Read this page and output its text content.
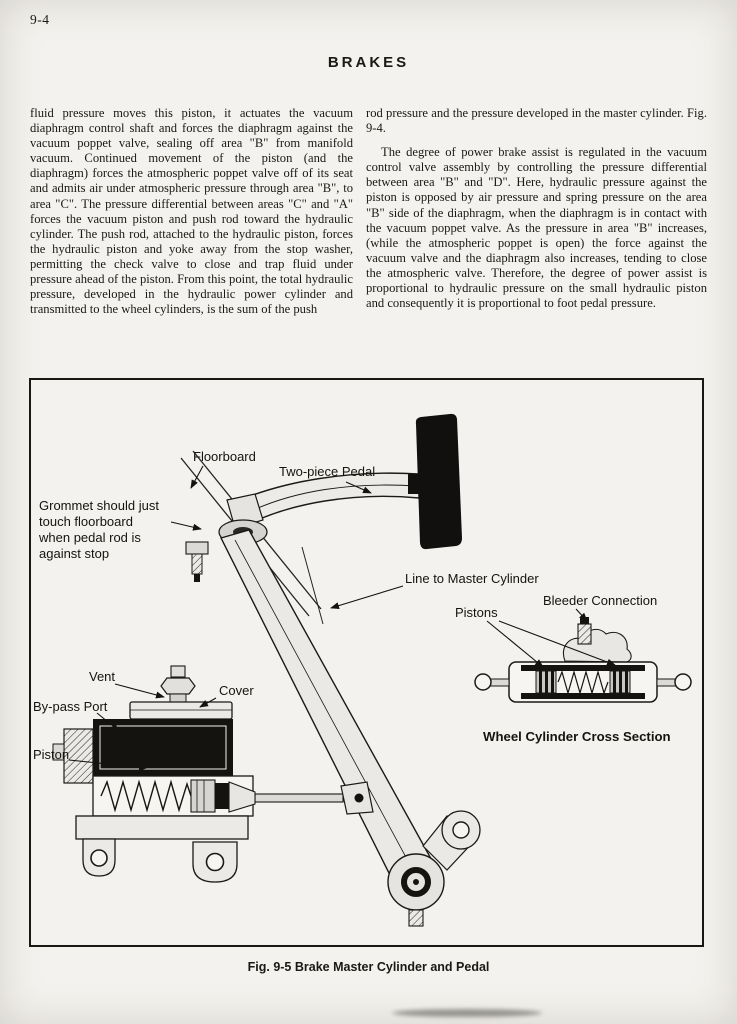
9-4
BRAKES

fluid pressure moves this piston, it actuates the vacuum diaphragm control shaft and forces the diaphragm against the vacuum poppet valve, sealing off area "B" from manifold vacuum. Continued movement of the piston (and the diaphragm) forces the atmospheric poppet valve off of its seat and admits air under atmospheric pressure through area "B", to area "C". The pressure differential between areas "C" and "A" forces the vacuum piston and push rod toward the hydraulic cylinder. The push rod, attached to the hydraulic piston, forces the hydraulic piston and yoke away from the stop washer, permitting the check valve to close and trap fluid under pressure ahead of the piston. From this point, the total hydraulic pressure, developed in the hydraulic power cylinder and transmitted to the wheel cylinders, is the sum of the push

rod pressure and the pressure developed in the master cylinder. Fig. 9-4.

The degree of power brake assist is regulated in the vacuum control valve assembly by controlling the pressure differential between area "B" and "D". Here, hydraulic pressure against the piston is opposed by air pressure and spring pressure on the area "B" side of the diaphragm, when the diaphragm is in contact with the vacuum poppet valve. As the pressure in area "B" increases, (while the atmospheric poppet is open) the force against the vacuum valve and the diaphragm also increases, tending to close the atmospheric valve. Therefore, the degree of power assist is proportional to hydraulic pressure on the small hydraulic piston and consequently it is proportional to foot pedal pressure.

Floorboard
Two-piece Pedal
Grommet should just
touch floorboard
when pedal rod is
against stop
Line to Master Cylinder
Bleeder Connection
Pistons
Wheel Cylinder Cross Section
Vent
Cover
By-pass Port
Piston
Fig. 9-5 Brake Master Cylinder and Pedal
